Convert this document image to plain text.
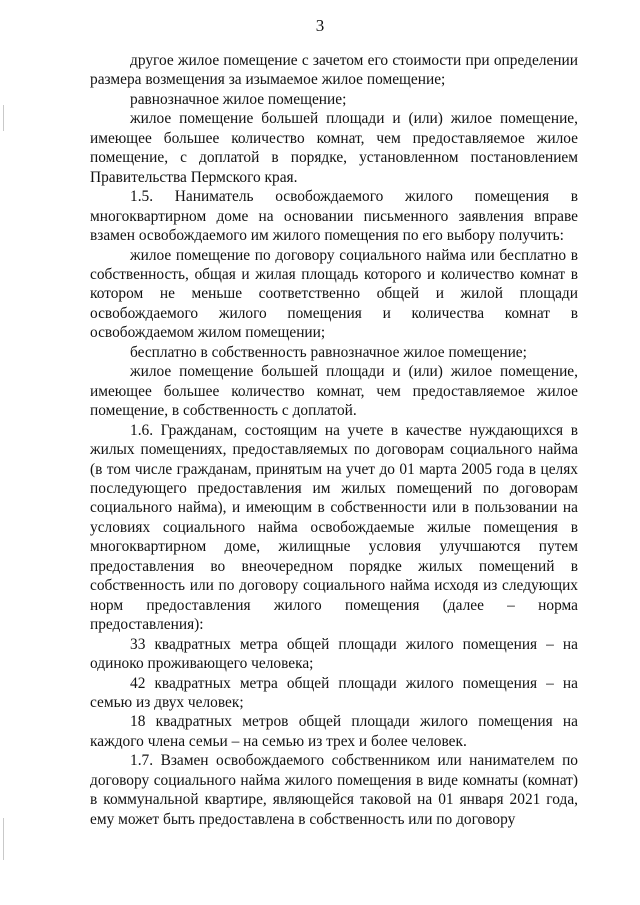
3

другое жилое помещение с зачетом его стоимости при определении размера возмещения за изымаемое жилое помещение;

равнозначное жилое помещение;

жилое помещение большей площади и (или) жилое помещение, имеющее большее количество комнат, чем предоставляемое жилое помещение, с доплатой в порядке, установленном постановлением Правительства Пермского края.

1.5. Наниматель освобождаемого жилого помещения в многоквартирном доме на основании письменного заявления вправе взамен освобождаемого им жилого помещения по его выбору получить:

жилое помещение по договору социального найма или бесплатно в собственность, общая и жилая площадь которого и количество комнат в котором не меньше соответственно общей и жилой площади освобождаемого жилого помещения и количества комнат в освобождаемом жилом помещении;

бесплатно в собственность равнозначное жилое помещение;

жилое помещение большей площади и (или) жилое помещение, имеющее большее количество комнат, чем предоставляемое жилое помещение, в собственность с доплатой.

1.6. Гражданам, состоящим на учете в качестве нуждающихся в жилых помещениях, предоставляемых по договорам социального найма (в том числе гражданам, принятым на учет до 01 марта 2005 года в целях последующего предоставления им жилых помещений по договорам социального найма), и имеющим в собственности или в пользовании на условиях социального найма освобождаемые жилые помещения в многоквартирном доме, жилищные условия улучшаются путем предоставления во внеочередном порядке жилых помещений в собственность или по договору социального найма исходя из следующих норм предоставления жилого помещения (далее – норма предоставления):

33 квадратных метра общей площади жилого помещения – на одиноко проживающего человека;

42 квадратных метра общей площади жилого помещения – на семью из двух человек;

18 квадратных метров общей площади жилого помещения на каждого члена семьи – на семью из трех и более человек.

1.7. Взамен освобождаемого собственником или нанимателем по договору социального найма жилого помещения в виде комнаты (комнат) в коммунальной квартире, являющейся таковой на 01 января 2021 года, ему может быть предоставлена в собственность или по договору
